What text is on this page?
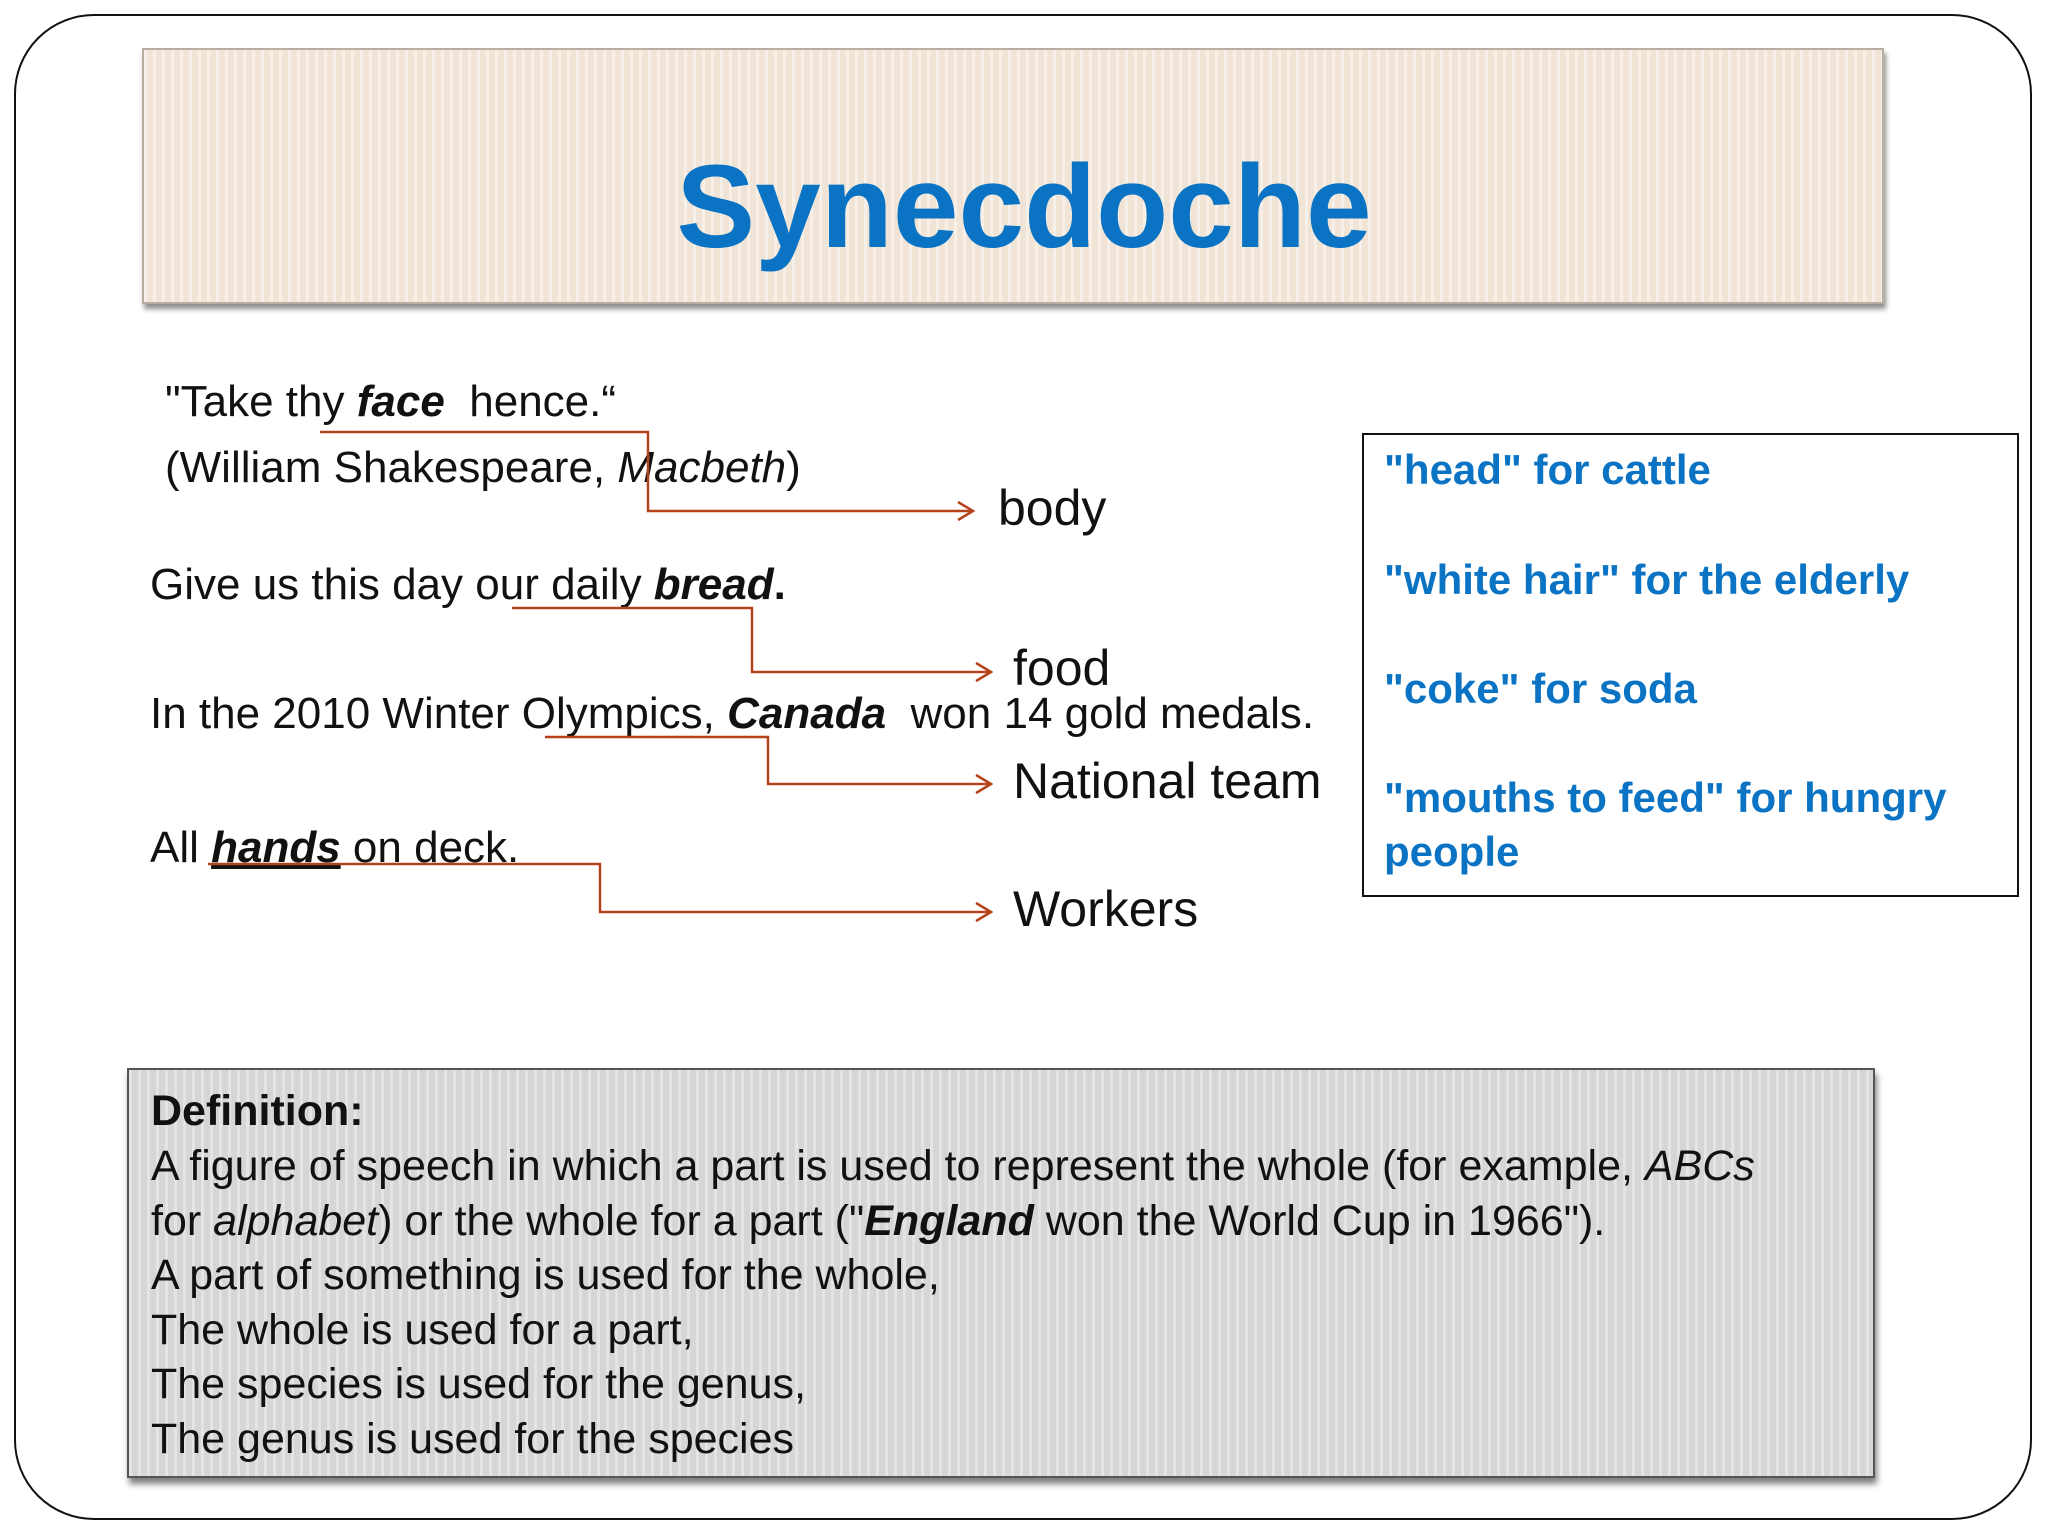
Synecdoche
"Take thy face  hence.“
(William Shakespeare, Macbeth)
body
Give us this day our daily bread.
food
In the 2010 Winter Olympics, Canada  won 14 gold medals.
National team
All hands on deck.
Workers
"head" for cattle
"white hair" for the elderly
"coke" for soda
"mouths to feed" for hungry people
Definition:
A figure of speech in which a part is used to represent the whole (for example, ABCs
for alphabet) or the whole for a part ("England won the World Cup in 1966").
A part of something is used for the whole,
The whole is used for a part,
The species is used for the genus,
The genus is used for the species
